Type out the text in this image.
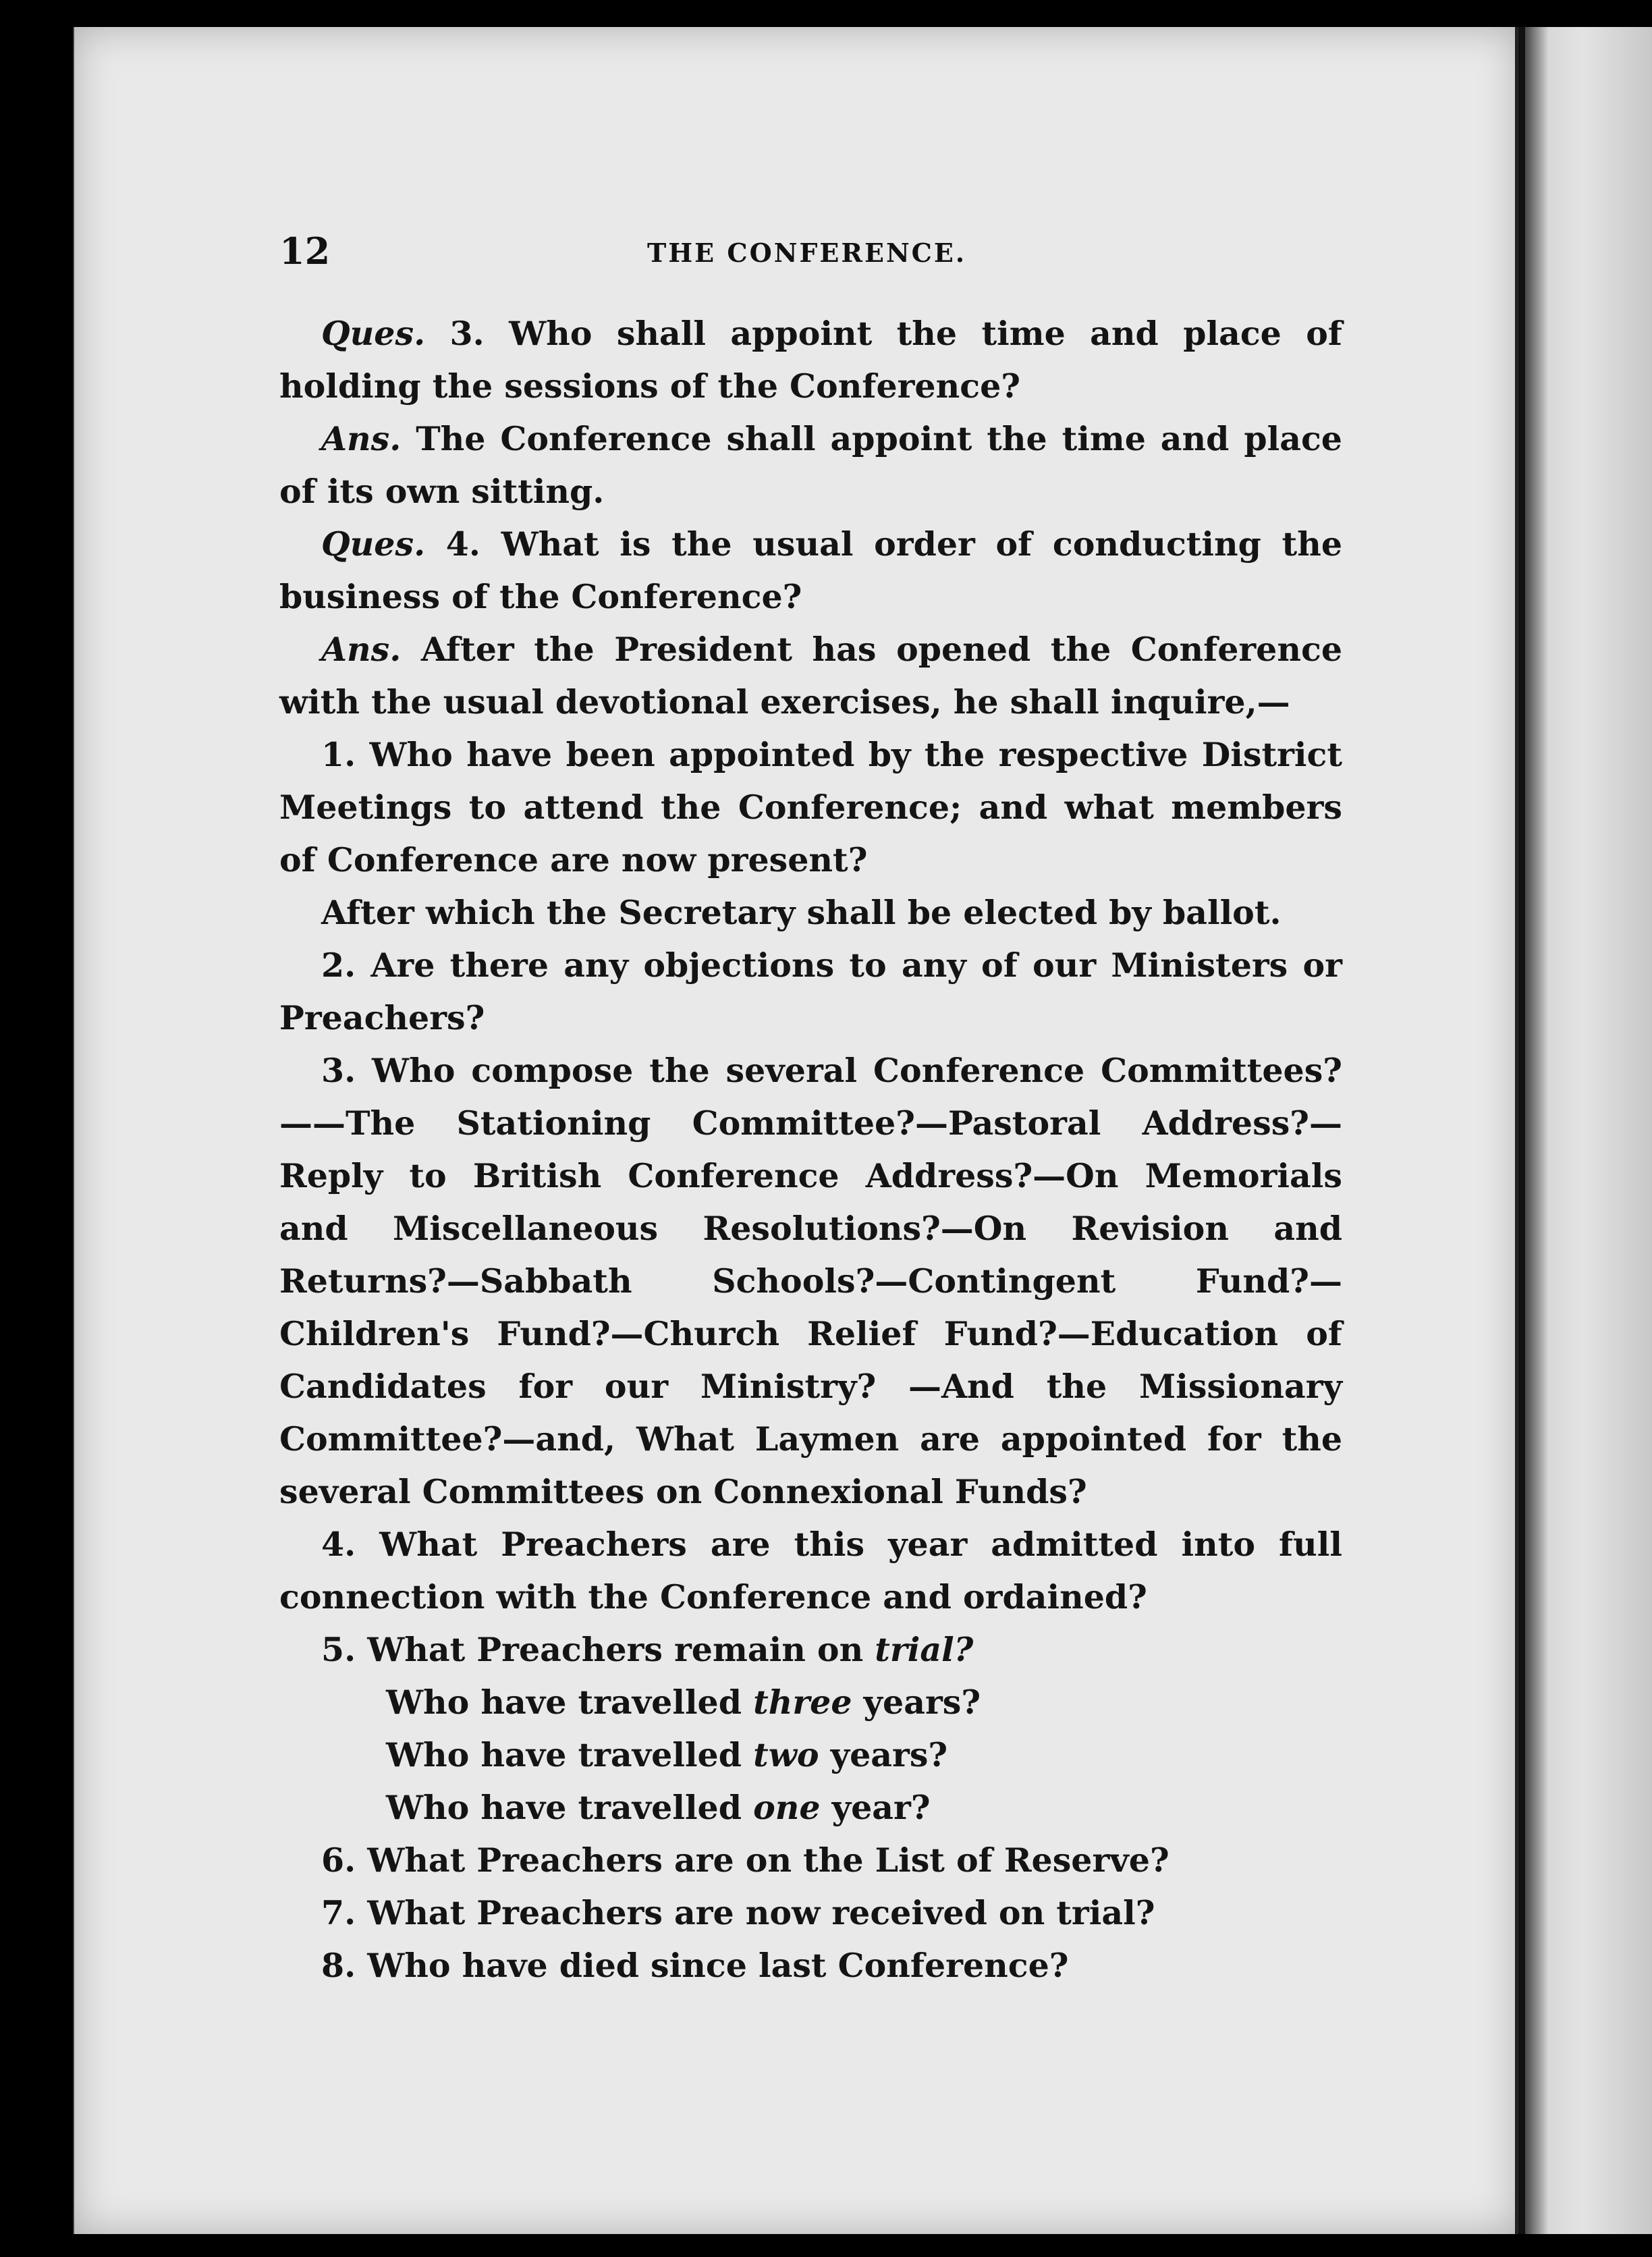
12	THE CONFERENCE.

Ques. 3. Who shall appoint the time and place of holding the sessions of the Conference?

Ans. The Conference shall appoint the time and place of its own sitting.

Ques. 4. What is the usual order of conducting the business of the Conference?

Ans. After the President has opened the Conference with the usual devotional exercises, he shall inquire,—

1. Who have been appointed by the respective District Meetings to attend the Conference; and what members of Conference are now present?

After which the Secretary shall be elected by ballot.

2. Are there any objections to any of our Ministers or Preachers?

3. Who compose the several Conference Committees?——The Stationing Committee?—Pastoral Address?—Reply to British Conference Address?—On Memorials and Miscellaneous Resolutions?—On Revision and Returns?—Sabbath Schools?—Contingent Fund?—Children's Fund?—Church Relief Fund?—Education of Candidates for our Ministry? —And the Missionary Committee?—and, What Laymen are appointed for the several Committees on Connexional Funds?

4. What Preachers are this year admitted into full connection with the Conference and ordained?

5. What Preachers remain on trial?

Who have travelled three years?

Who have travelled two years?

Who have travelled one year?

6. What Preachers are on the List of Reserve?

7. What Preachers are now received on trial?

8. Who have died since last Conference?
